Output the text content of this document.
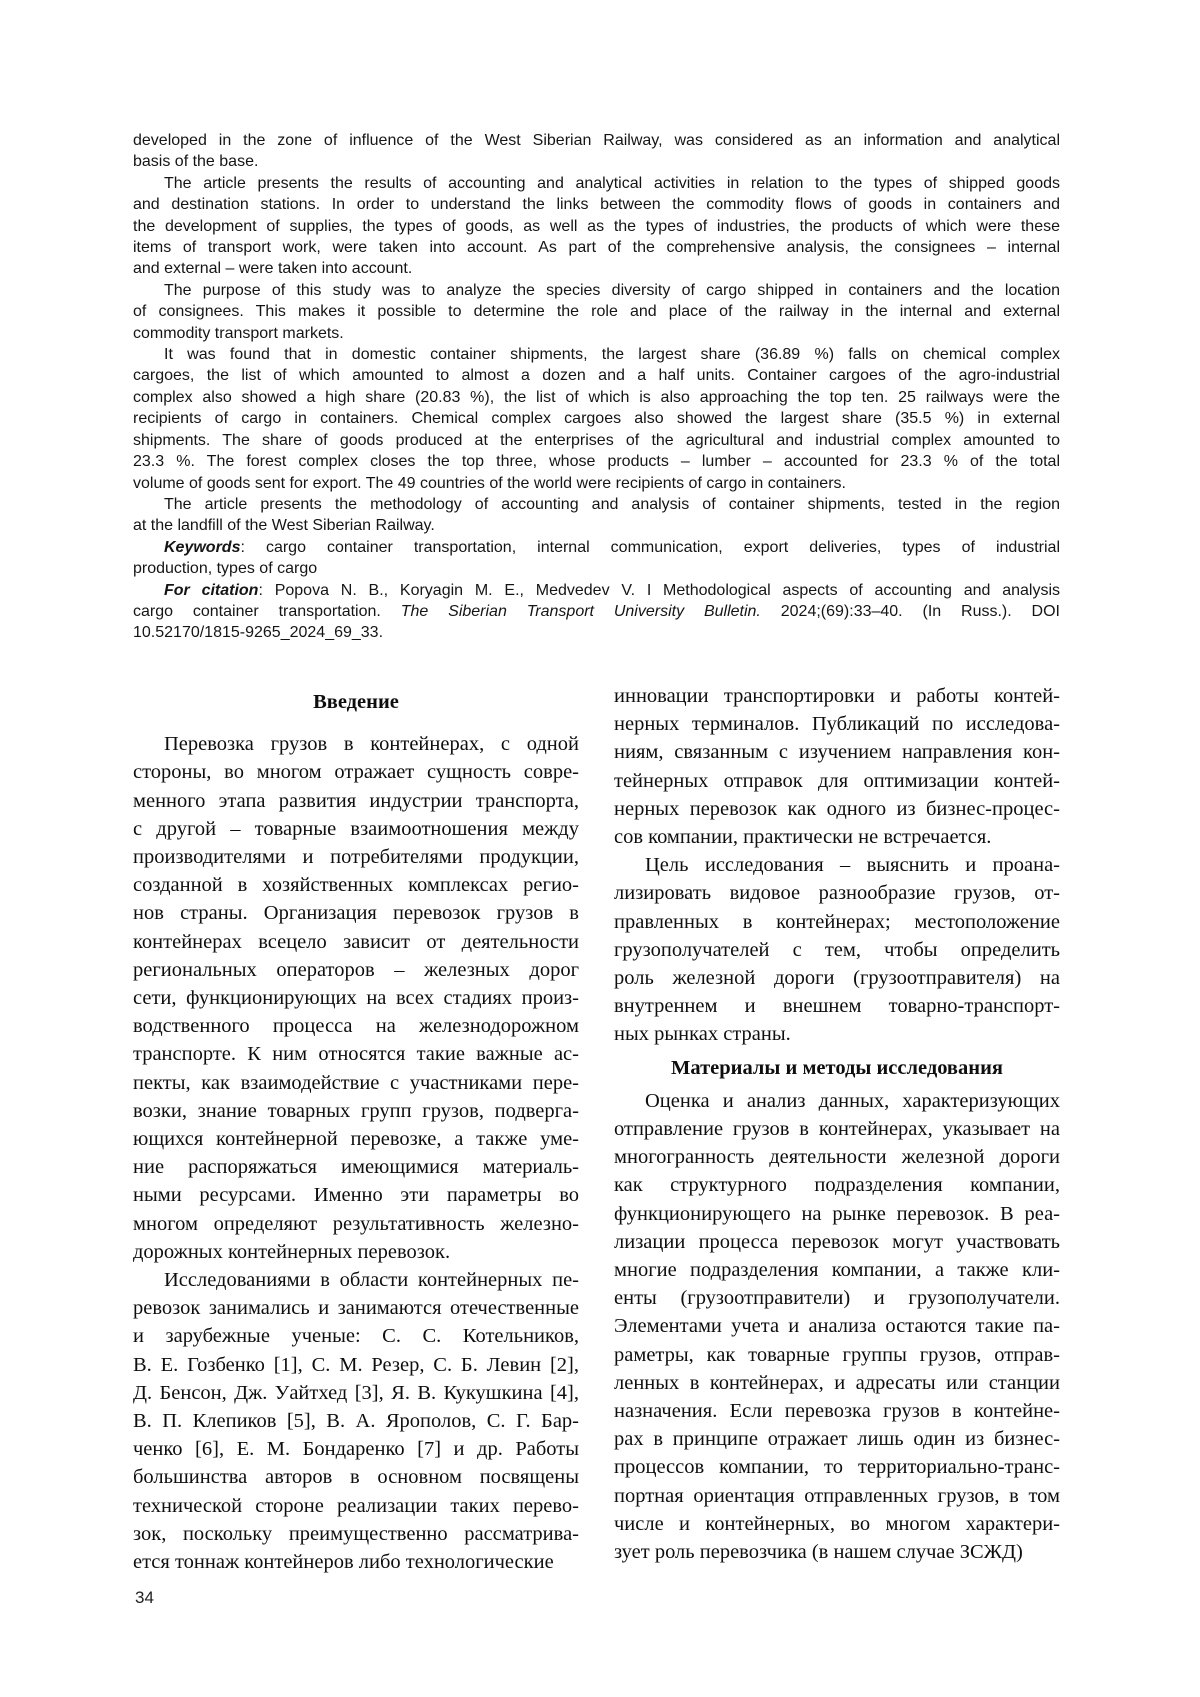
developed in the zone of influence of the West Siberian Railway, was considered as an information and analytical
basis of the base.
The article presents the results of accounting and analytical activities in relation to the types of shipped goods
and destination stations. In order to understand the links between the commodity flows of goods in containers and
the development of supplies, the types of goods, as well as the types of industries, the products of which were these
items of transport work, were taken into account. As part of the comprehensive analysis, the consignees – internal
and external – were taken into account.
The purpose of this study was to analyze the species diversity of cargo shipped in containers and the location
of consignees. This makes it possible to determine the role and place of the railway in the internal and external
commodity transport markets.
It was found that in domestic container shipments, the largest share (36.89 %) falls on chemical complex
cargoes, the list of which amounted to almost a dozen and a half units. Container cargoes of the agro-industrial
complex also showed a high share (20.83 %), the list of which is also approaching the top ten. 25 railways were the
recipients of cargo in containers. Chemical complex cargoes also showed the largest share (35.5 %) in external
shipments. The share of goods produced at the enterprises of the agricultural and industrial complex amounted to
23.3 %. The forest complex closes the top three, whose products – lumber – accounted for 23.3 % of the total
volume of goods sent for export. The 49 countries of the world were recipients of cargo in containers.
The article presents the methodology of accounting and analysis of container shipments, tested in the region
at the landfill of the West Siberian Railway.
Keywords: cargo container transportation, internal communication, export deliveries, types of industrial
production, types of cargo
For citation: Popova N. B., Koryagin M. E., Medvedev V. I Methodological aspects of accounting and analysis
cargo container transportation. The Siberian Transport University Bulletin. 2024;(69):33–40. (In Russ.). DOI
10.52170/1815-9265_2024_69_33.
Введение
Перевозка грузов в контейнерах, с одной
стороны, во многом отражает сущность совре-
менного этапа развития индустрии транспорта,
с другой – товарные взаимоотношения между
производителями и потребителями продукции,
созданной в хозяйственных комплексах регио-
нов страны. Организация перевозок грузов в
контейнерах всецело зависит от деятельности
региональных операторов – железных дорог
сети, функционирующих на всех стадиях произ-
водственного процесса на железнодорожном
транспорте. К ним относятся такие важные ас-
пекты, как взаимодействие с участниками пере-
возки, знание товарных групп грузов, подверга-
ющихся контейнерной перевозке, а также уме-
ние распоряжаться имеющимися материаль-
ными ресурсами. Именно эти параметры во
многом определяют результативность железно-
дорожных контейнерных перевозок.
Исследованиями в области контейнерных пе-
ревозок занимались и занимаются отечественные
и зарубежные ученые: С. С. Котельников,
В. Е. Гозбенко [1], С. М. Резер, С. Б. Левин [2],
Д. Бенсон, Дж. Уайтхед [3], Я. В. Кукушкина [4],
В. П. Клепиков [5], В. А. Ярополов, С. Г. Бар-
ченко [6], Е. М. Бондаренко [7] и др. Работы
большинства авторов в основном посвящены
технической стороне реализации таких перево-
зок, поскольку преимущественно рассматрива-
ется тоннаж контейнеров либо технологические
инновации транспортировки и работы контей-
нерных терминалов. Публикаций по исследова-
ниям, связанным с изучением направления кон-
тейнерных отправок для оптимизации контей-
нерных перевозок как одного из бизнес-процес-
сов компании, практически не встречается.
Цель исследования – выяснить и проана-
лизировать видовое разнообразие грузов, от-
правленных в контейнерах; местоположение
грузополучателей с тем, чтобы определить
роль железной дороги (грузоотправителя) на
внутреннем и внешнем товарно-транспорт-
ных рынках страны.
Материалы и методы исследования
Оценка и анализ данных, характеризующих
отправление грузов в контейнерах, указывает на
многогранность деятельности железной дороги
как структурного подразделения компании,
функционирующего на рынке перевозок. В реа-
лизации процесса перевозок могут участвовать
многие подразделения компании, а также кли-
енты (грузоотправители) и грузополучатели.
Элементами учета и анализа остаются такие па-
раметры, как товарные группы грузов, отправ-
ленных в контейнерах, и адресаты или станции
назначения. Если перевозка грузов в контейне-
рах в принципе отражает лишь один из бизнес-
процессов компании, то территориально-транс-
портная ориентация отправленных грузов, в том
числе и контейнерных, во многом характери-
зует роль перевозчика (в нашем случае ЗСЖД)
34
